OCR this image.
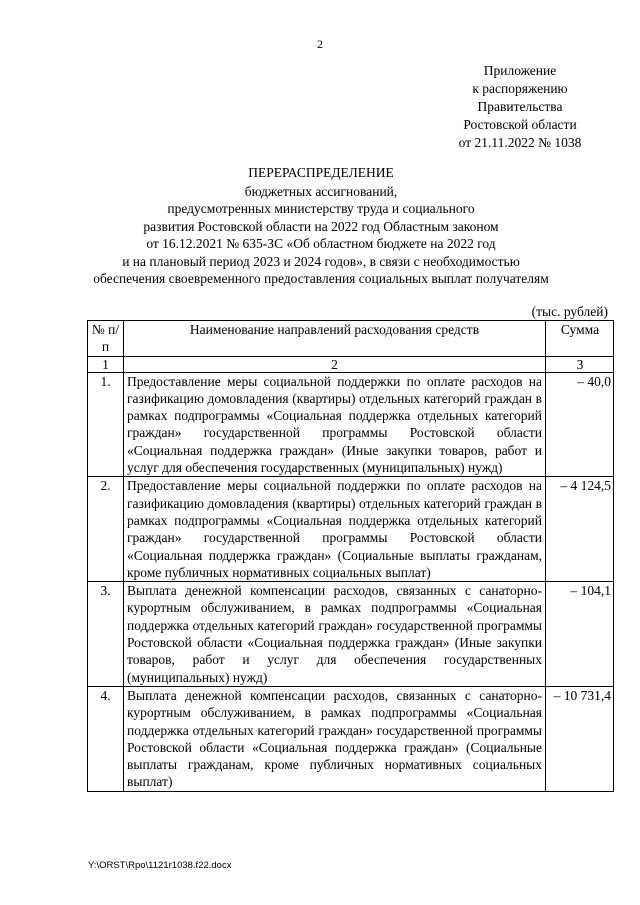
2
Приложение
к распоряжению
Правительства
Ростовской области
от 21.11.2022 № 1038
ПЕРЕРАСПРЕДЕЛЕНИЕ
бюджетных ассигнований,
предусмотренных министерству труда и социального
развития Ростовской области на 2022 год Областным законом
от 16.12.2021 № 635-ЗС «Об областном бюджете на 2022 год
и на плановый период 2023 и 2024 годов», в связи с необходимостью
обеспечения своевременного предоставления социальных выплат получателям
(тыс. рублей)
№ п/п	Наименование направлений расходования средств	Сумма
1	2	3
1.	Предоставление меры социальной поддержки по оплате расходов на газификацию домовладения (квартиры) отдельных категорий граждан в рамках подпрограммы «Социальная поддержка отдельных категорий граждан» государственной программы Ростовской области «Социальная поддержка граждан» (Иные закупки товаров, работ и услуг для обеспечения государственных (муниципальных) нужд)	– 40,0
2.	Предоставление меры социальной поддержки по оплате расходов на газификацию домовладения (квартиры) отдельных категорий граждан в рамках подпрограммы «Социальная поддержка отдельных категорий граждан» государственной программы Ростовской области «Социальная поддержка граждан» (Социальные выплаты гражданам, кроме публичных нормативных социальных выплат)	– 4 124,5
3.	Выплата денежной компенсации расходов, связанных с санаторно-курортным обслуживанием, в рамках подпрограммы «Социальная поддержка отдельных категорий граждан» государственной программы Ростовской области «Социальная поддержка граждан» (Иные закупки товаров, работ и услуг для обеспечения государственных (муниципальных) нужд)	– 104,1
4.	Выплата денежной компенсации расходов, связанных с санаторно-курортным обслуживанием, в рамках подпрограммы «Социальная поддержка отдельных категорий граждан» государственной программы Ростовской области «Социальная поддержка граждан» (Социальные выплаты гражданам, кроме публичных нормативных социальных выплат)	– 10 731,4
Y:\ORST\Rpo\1121r1038.f22.docx
